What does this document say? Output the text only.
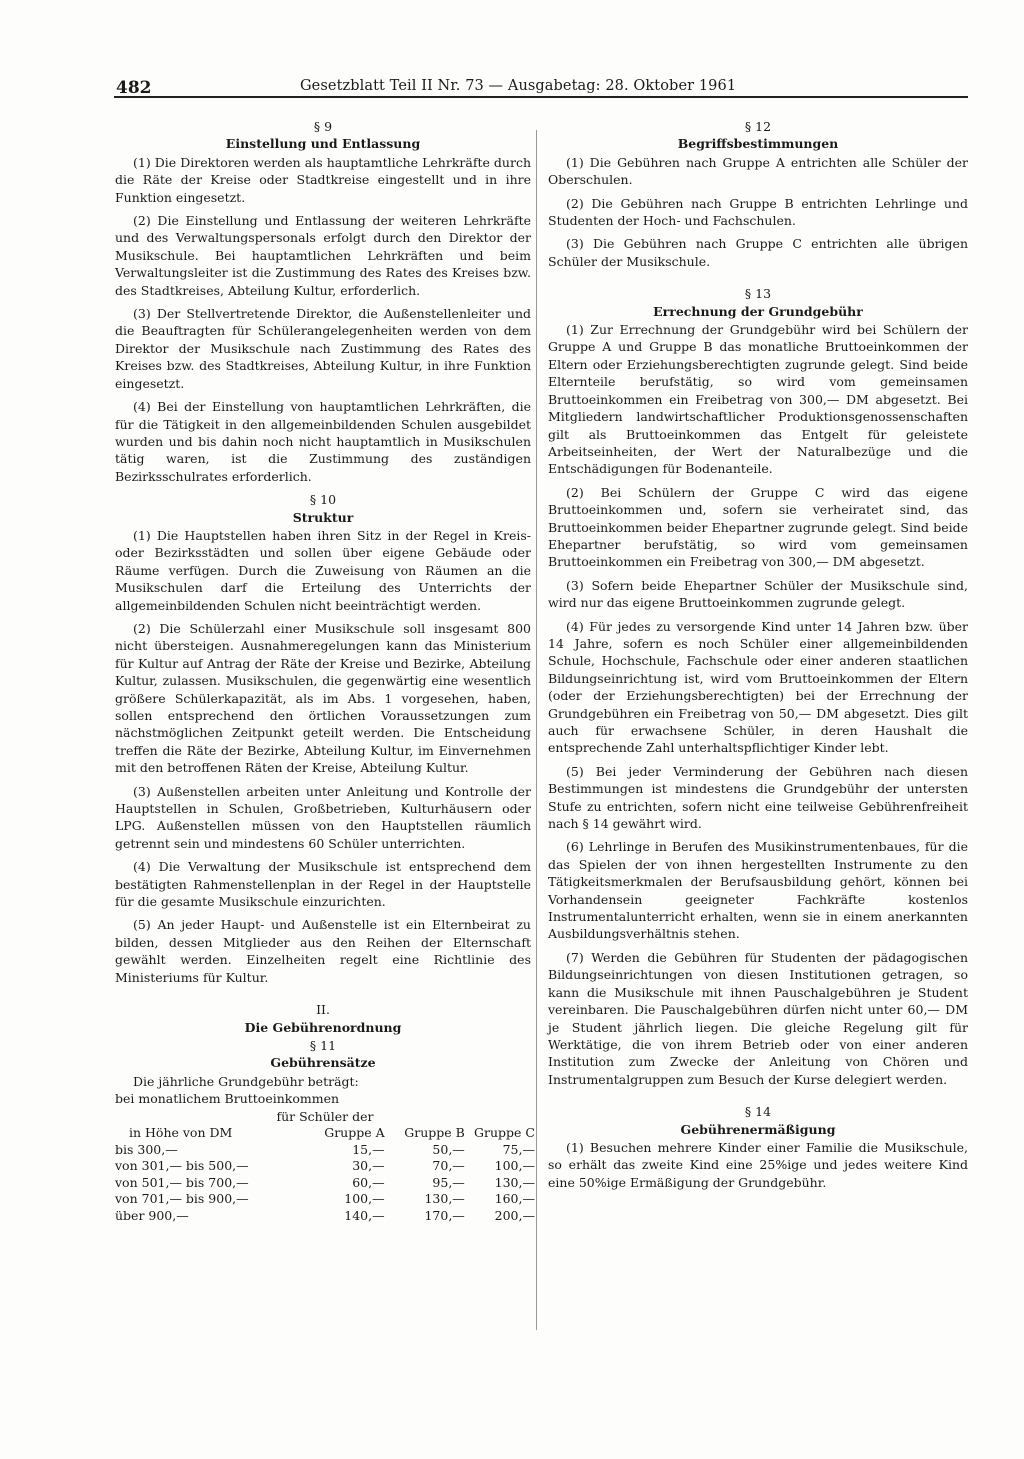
482	Gesetzblatt Teil II Nr. 73 — Ausgabetag: 28. Oktober 1961

§ 9

Einstellung und Entlassung

(1) Die Direktoren werden als hauptamtliche Lehrkräfte durch die Räte der Kreise oder Stadtkreise eingestellt und in ihre Funktion eingesetzt.

(2) Die Einstellung und Entlassung der weiteren Lehrkräfte und des Verwaltungspersonals erfolgt durch den Direktor der Musikschule. Bei hauptamtlichen Lehrkräften und beim Verwaltungsleiter ist die Zustimmung des Rates des Kreises bzw. des Stadtkreises, Abteilung Kultur, erforderlich.

(3) Der Stellvertretende Direktor, die Außenstellenleiter und die Beauftragten für Schülerangelegenheiten werden von dem Direktor der Musikschule nach Zustimmung des Rates des Kreises bzw. des Stadtkreises, Abteilung Kultur, in ihre Funktion eingesetzt.

(4) Bei der Einstellung von hauptamtlichen Lehrkräften, die für die Tätigkeit in den allgemeinbildenden Schulen ausgebildet wurden und bis dahin noch nicht hauptamtlich in Musikschulen tätig waren, ist die Zustimmung des zuständigen Bezirksschulrates erforderlich.

§ 10

Struktur

(1) Die Hauptstellen haben ihren Sitz in der Regel in Kreis- oder Bezirksstädten und sollen über eigene Gebäude oder Räume verfügen. Durch die Zuweisung von Räumen an die Musikschulen darf die Erteilung des Unterrichts der allgemeinbildenden Schulen nicht beeinträchtigt werden.

(2) Die Schülerzahl einer Musikschule soll insgesamt 800 nicht übersteigen. Ausnahmeregelungen kann das Ministerium für Kultur auf Antrag der Räte der Kreise und Bezirke, Abteilung Kultur, zulassen. Musikschulen, die gegenwärtig eine wesentlich größere Schülerkapazität, als im Abs. 1 vorgesehen, haben, sollen entsprechend den örtlichen Voraussetzungen zum nächstmöglichen Zeitpunkt geteilt werden. Die Entscheidung treffen die Räte der Bezirke, Abteilung Kultur, im Einvernehmen mit den betroffenen Räten der Kreise, Abteilung Kultur.

(3) Außenstellen arbeiten unter Anleitung und Kontrolle der Hauptstellen in Schulen, Großbetrieben, Kulturhäusern oder LPG. Außenstellen müssen von den Hauptstellen räumlich getrennt sein und mindestens 60 Schüler unterrichten.

(4) Die Verwaltung der Musikschule ist entsprechend dem bestätigten Rahmenstellenplan in der Regel in der Hauptstelle für die gesamte Musikschule einzurichten.

(5) An jeder Haupt- und Außenstelle ist ein Elternbeirat zu bilden, dessen Mitglieder aus den Reihen der Elternschaft gewählt werden. Einzelheiten regelt eine Richtlinie des Ministeriums für Kultur.

II.

Die Gebührenordnung

§ 11

Gebührensätze

Die jährliche Grundgebühr beträgt:

bei monatlichem Bruttoeinkommen

für Schüler der			
in Höhe von DM	Gruppe A	Gruppe B	Gruppe C
bis 300,—	15,—	50,—	75,—
von 301,— bis 500,—	30,—	70,—	100,—
von 501,— bis 700,—	60,—	95,—	130,—
von 701,— bis 900,—	100,—	130,—	160,—
über 900,—	140,—	170,—	200,—

§ 12

Begriffsbestimmungen

(1) Die Gebühren nach Gruppe A entrichten alle Schüler der Oberschulen.

(2) Die Gebühren nach Gruppe B entrichten Lehrlinge und Studenten der Hoch- und Fachschulen.

(3) Die Gebühren nach Gruppe C entrichten alle übrigen Schüler der Musikschule.

§ 13

Errechnung der Grundgebühr

(1) Zur Errechnung der Grundgebühr wird bei Schülern der Gruppe A und Gruppe B das monatliche Bruttoeinkommen der Eltern oder Erziehungsberechtigten zugrunde gelegt. Sind beide Elternteile berufstätig, so wird vom gemeinsamen Bruttoeinkommen ein Freibetrag von 300,— DM abgesetzt. Bei Mitgliedern landwirtschaftlicher Produktionsgenossenschaften gilt als Bruttoeinkommen das Entgelt für geleistete Arbeitseinheiten, der Wert der Naturalbezüge und die Entschädigungen für Bodenanteile.

(2) Bei Schülern der Gruppe C wird das eigene Bruttoeinkommen und, sofern sie verheiratet sind, das Bruttoeinkommen beider Ehepartner zugrunde gelegt. Sind beide Ehepartner berufstätig, so wird vom gemeinsamen Bruttoeinkommen ein Freibetrag von 300,— DM abgesetzt.

(3) Sofern beide Ehepartner Schüler der Musikschule sind, wird nur das eigene Bruttoeinkommen zugrunde gelegt.

(4) Für jedes zu versorgende Kind unter 14 Jahren bzw. über 14 Jahre, sofern es noch Schüler einer allgemeinbildenden Schule, Hochschule, Fachschule oder einer anderen staatlichen Bildungseinrichtung ist, wird vom Bruttoeinkommen der Eltern (oder der Erziehungsberechtigten) bei der Errechnung der Grundgebühren ein Freibetrag von 50,— DM abgesetzt. Dies gilt auch für erwachsene Schüler, in deren Haushalt die entsprechende Zahl unterhaltspflichtiger Kinder lebt.

(5) Bei jeder Verminderung der Gebühren nach diesen Bestimmungen ist mindestens die Grundgebühr der untersten Stufe zu entrichten, sofern nicht eine teilweise Gebührenfreiheit nach § 14 gewährt wird.

(6) Lehrlinge in Berufen des Musikinstrumentenbaues, für die das Spielen der von ihnen hergestellten Instrumente zu den Tätigkeitsmerkmalen der Berufsausbildung gehört, können bei Vorhandensein geeigneter Fachkräfte kostenlos Instrumentalunterricht erhalten, wenn sie in einem anerkannten Ausbildungsverhältnis stehen.

(7) Werden die Gebühren für Studenten der pädagogischen Bildungseinrichtungen von diesen Institutionen getragen, so kann die Musikschule mit ihnen Pauschalgebühren je Student vereinbaren. Die Pauschalgebühren dürfen nicht unter 60,— DM je Student jährlich liegen. Die gleiche Regelung gilt für Werktätige, die von ihrem Betrieb oder von einer anderen Institution zum Zwecke der Anleitung von Chören und Instrumentalgruppen zum Besuch der Kurse delegiert werden.

§ 14

Gebührenermäßigung

(1) Besuchen mehrere Kinder einer Familie die Musikschule, so erhält das zweite Kind eine 25%ige und jedes weitere Kind eine 50%ige Ermäßigung der Grundgebühr.
